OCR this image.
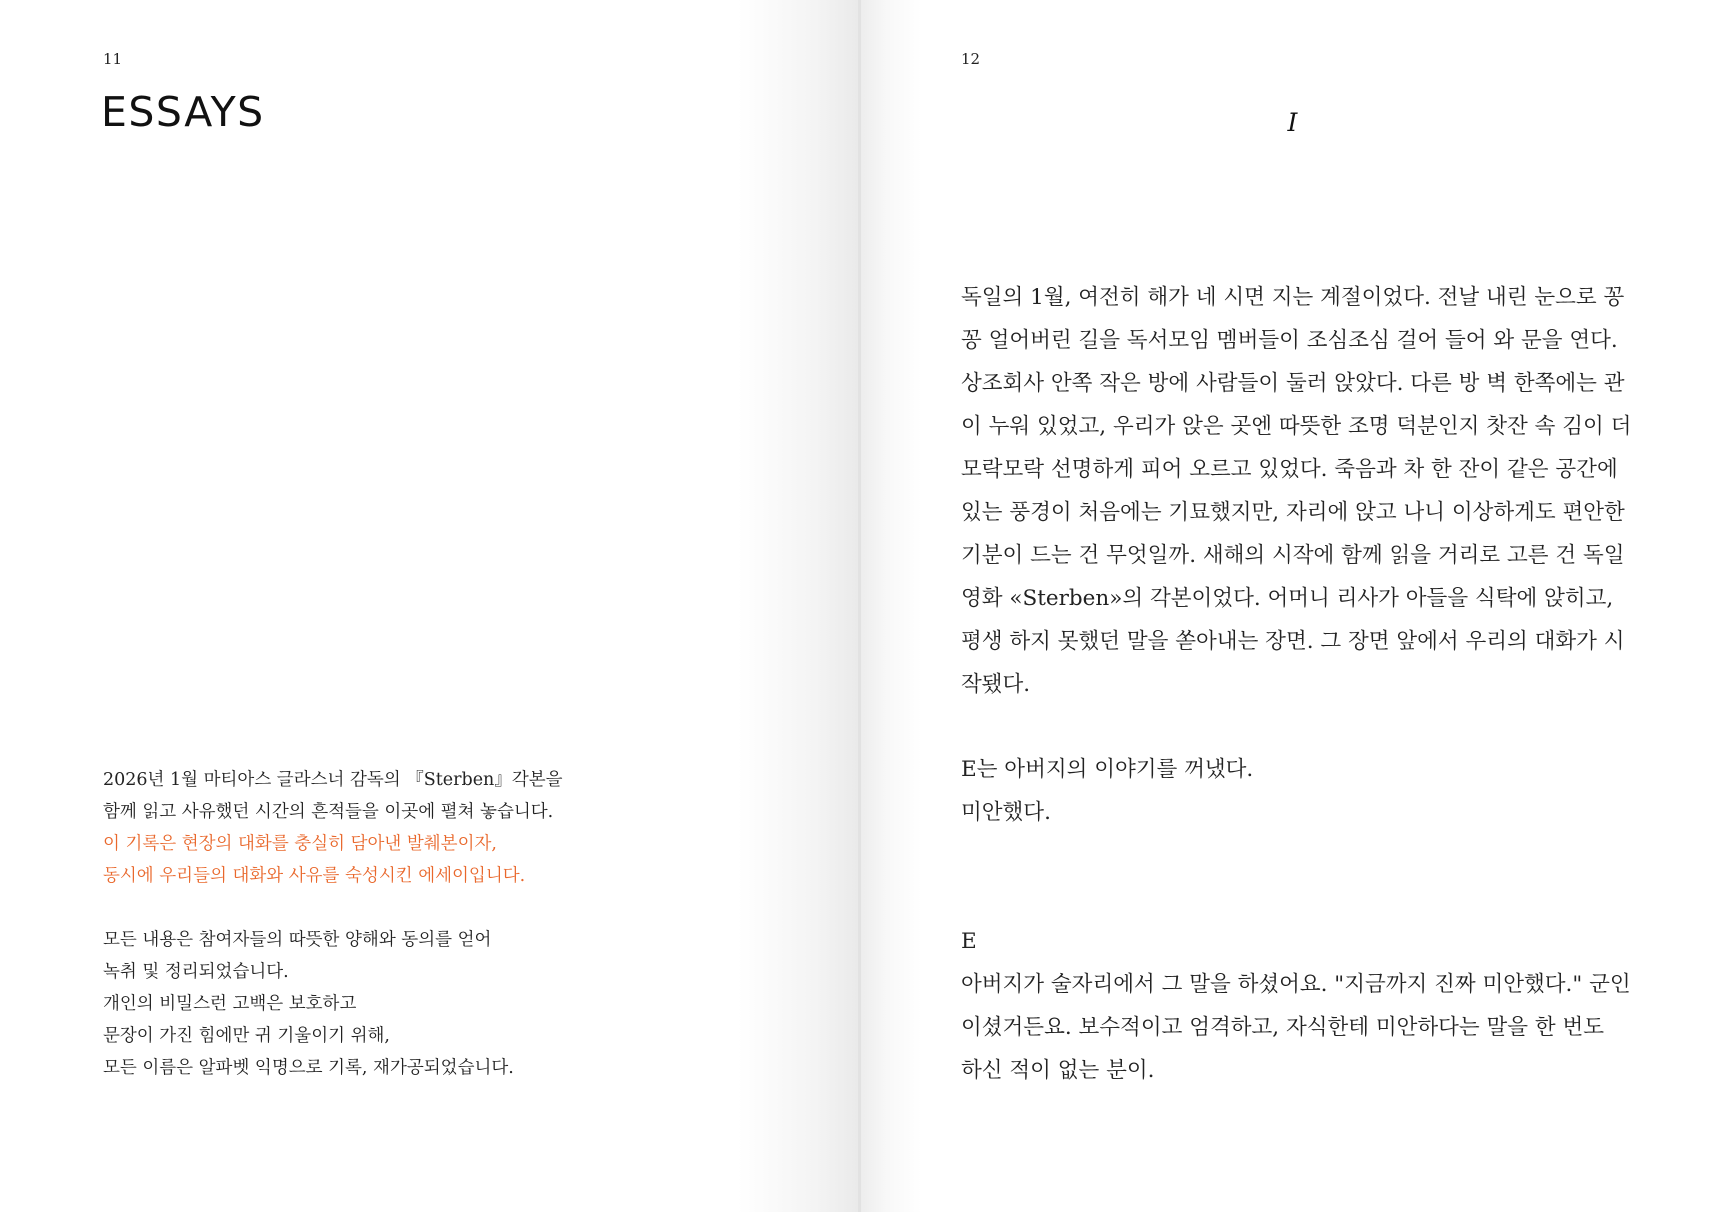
11
ESSAYS
2026년 1월 마티아스 글라스너 감독의 『Sterben』각본을
함께 읽고 사유했던 시간의 흔적들을 이곳에 펼쳐 놓습니다.
이 기록은 현장의 대화를 충실히 담아낸 발췌본이자,
동시에 우리들의 대화와 사유를 숙성시킨 에세이입니다.
모든 내용은 참여자들의 따뜻한 양해와 동의를 얻어
녹취 및 정리되었습니다.
개인의 비밀스런 고백은 보호하고
문장이 가진 힘에만 귀 기울이기 위해,
모든 이름은 알파벳 익명으로 기록, 재가공되었습니다.
12
I
독일의 1월, 여전히 해가 네 시면 지는 계절이었다. 전날 내린 눈으로 꽁
꽁 얼어버린 길을 독서모임 멤버들이 조심조심 걸어 들어 와 문을 연다.
상조회사 안쪽 작은 방에 사람들이 둘러 앉았다. 다른 방 벽 한쪽에는 관
이 누워 있었고, 우리가 앉은 곳엔 따뜻한 조명 덕분인지 찻잔 속 김이 더
모락모락 선명하게 피어 오르고 있었다. 죽음과 차 한 잔이 같은 공간에
있는 풍경이 처음에는 기묘했지만, 자리에 앉고 나니 이상하게도 편안한
기분이 드는 건 무엇일까. 새해의 시작에 함께 읽을 거리로 고른 건 독일
영화 «Sterben»의 각본이었다. 어머니 리사가 아들을 식탁에 앉히고,
평생 하지 못했던 말을 쏟아내는 장면. 그 장면 앞에서 우리의 대화가 시
작됐다.
E는 아버지의 이야기를 꺼냈다.
미안했다.
E
아버지가 술자리에서 그 말을 하셨어요. "지금까지 진짜 미안했다." 군인
이셨거든요. 보수적이고 엄격하고, 자식한테 미안하다는 말을 한 번도
하신 적이 없는 분이.
